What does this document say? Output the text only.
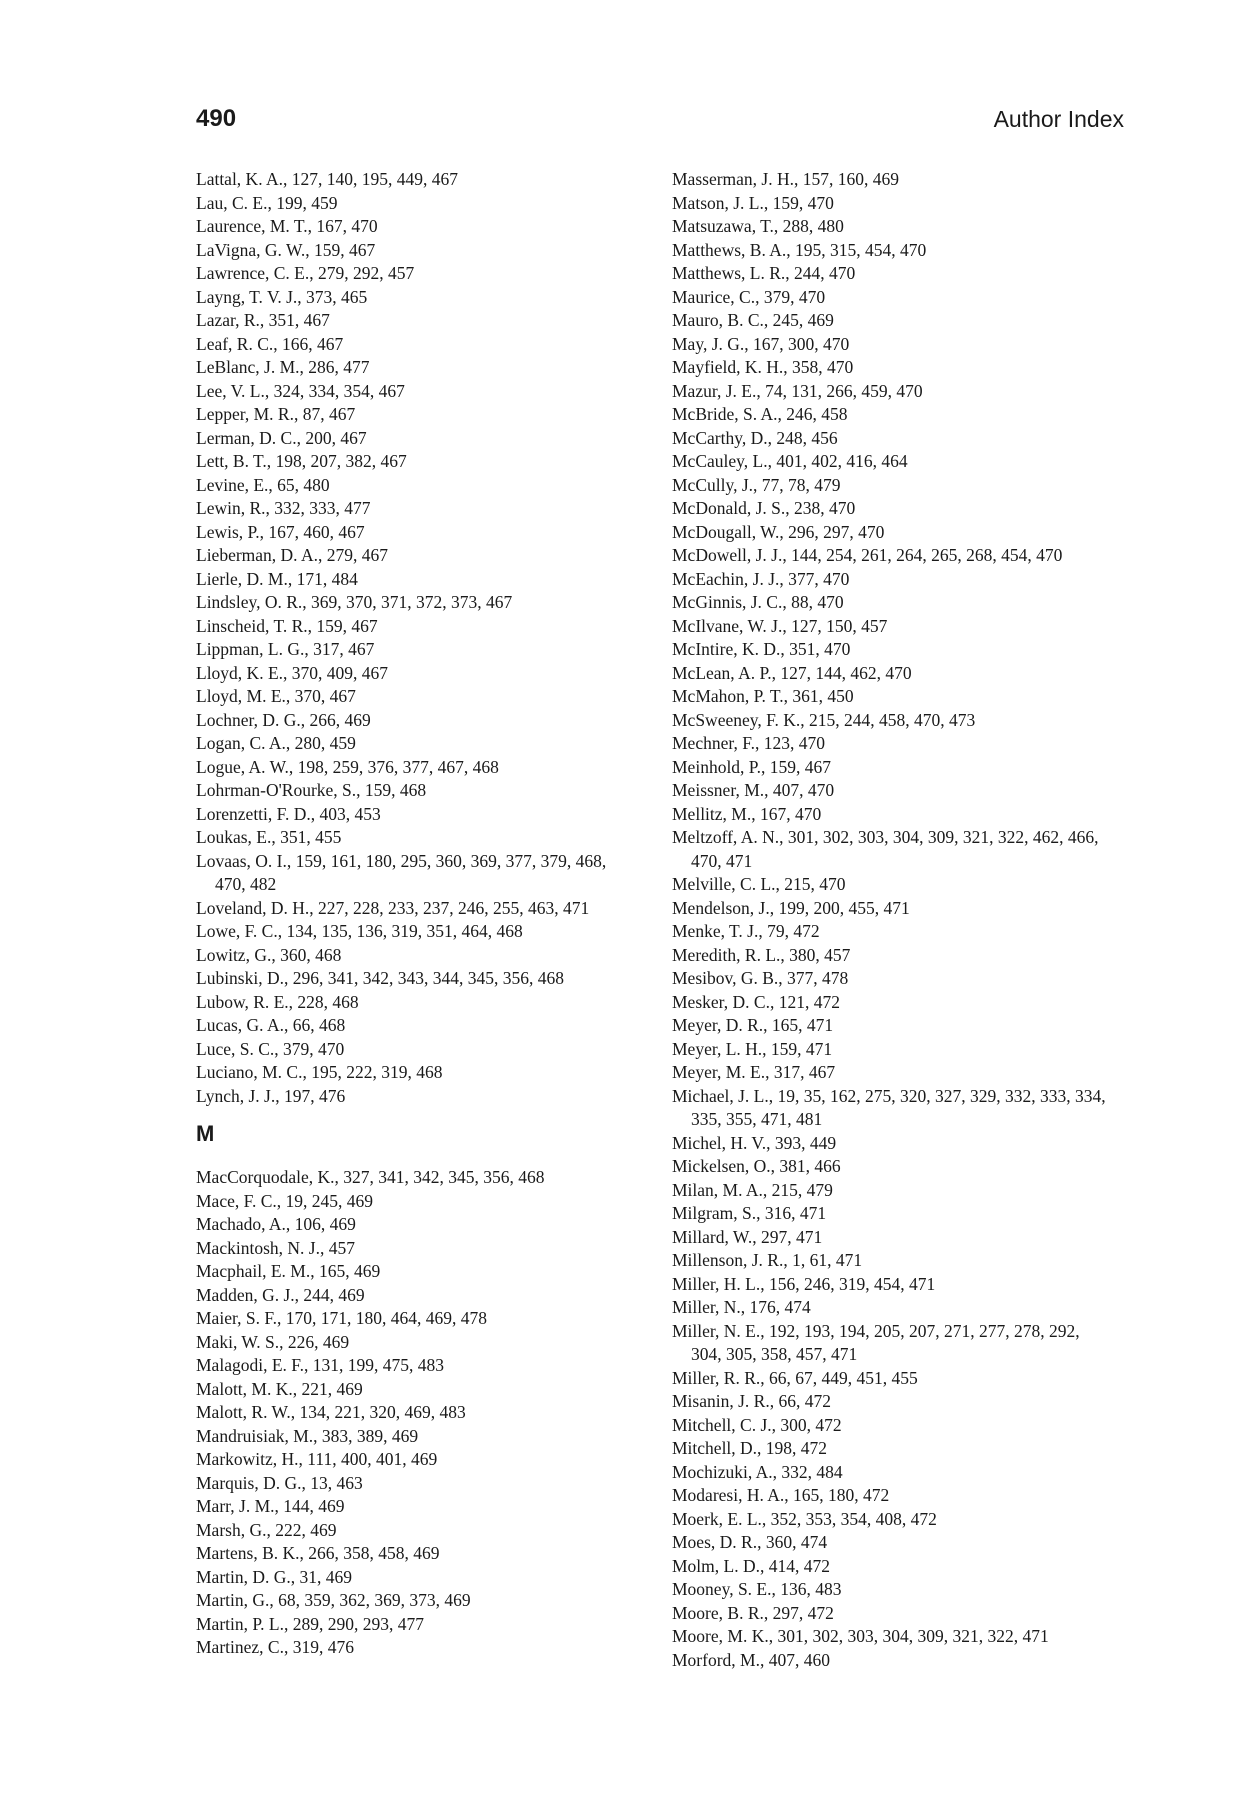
490	Author Index
Lattal, K. A., 127, 140, 195, 449, 467
Lau, C. E., 199, 459
Laurence, M. T., 167, 470
LaVigna, G. W., 159, 467
Lawrence, C. E., 279, 292, 457
Layng, T. V. J., 373, 465
Lazar, R., 351, 467
Leaf, R. C., 166, 467
LeBlanc, J. M., 286, 477
Lee, V. L., 324, 334, 354, 467
Lepper, M. R., 87, 467
Lerman, D. C., 200, 467
Lett, B. T., 198, 207, 382, 467
Levine, E., 65, 480
Lewin, R., 332, 333, 477
Lewis, P., 167, 460, 467
Lieberman, D. A., 279, 467
Lierle, D. M., 171, 484
Lindsley, O. R., 369, 370, 371, 372, 373, 467
Linscheid, T. R., 159, 467
Lippman, L. G., 317, 467
Lloyd, K. E., 370, 409, 467
Lloyd, M. E., 370, 467
Lochner, D. G., 266, 469
Logan, C. A., 280, 459
Logue, A. W., 198, 259, 376, 377, 467, 468
Lohrman-O'Rourke, S., 159, 468
Lorenzetti, F. D., 403, 453
Loukas, E., 351, 455
Lovaas, O. I., 159, 161, 180, 295, 360, 369, 377, 379, 468, 470, 482
Loveland, D. H., 227, 228, 233, 237, 246, 255, 463, 471
Lowe, F. C., 134, 135, 136, 319, 351, 464, 468
Lowitz, G., 360, 468
Lubinski, D., 296, 341, 342, 343, 344, 345, 356, 468
Lubow, R. E., 228, 468
Lucas, G. A., 66, 468
Luce, S. C., 379, 470
Luciano, M. C., 195, 222, 319, 468
Lynch, J. J., 197, 476
M
MacCorquodale, K., 327, 341, 342, 345, 356, 468
Mace, F. C., 19, 245, 469
Machado, A., 106, 469
Mackintosh, N. J., 457
Macphail, E. M., 165, 469
Madden, G. J., 244, 469
Maier, S. F., 170, 171, 180, 464, 469, 478
Maki, W. S., 226, 469
Malagodi, E. F., 131, 199, 475, 483
Malott, M. K., 221, 469
Malott, R. W., 134, 221, 320, 469, 483
Mandruisiak, M., 383, 389, 469
Markowitz, H., 111, 400, 401, 469
Marquis, D. G., 13, 463
Marr, J. M., 144, 469
Marsh, G., 222, 469
Martens, B. K., 266, 358, 458, 469
Martin, D. G., 31, 469
Martin, G., 68, 359, 362, 369, 373, 469
Martin, P. L., 289, 290, 293, 477
Martinez, C., 319, 476
Masserman, J. H., 157, 160, 469
Matson, J. L., 159, 470
Matsuzawa, T., 288, 480
Matthews, B. A., 195, 315, 454, 470
Matthews, L. R., 244, 470
Maurice, C., 379, 470
Mauro, B. C., 245, 469
May, J. G., 167, 300, 470
Mayfield, K. H., 358, 470
Mazur, J. E., 74, 131, 266, 459, 470
McBride, S. A., 246, 458
McCarthy, D., 248, 456
McCauley, L., 401, 402, 416, 464
McCully, J., 77, 78, 479
McDonald, J. S., 238, 470
McDougall, W., 296, 297, 470
McDowell, J. J., 144, 254, 261, 264, 265, 268, 454, 470
McEachin, J. J., 377, 470
McGinnis, J. C., 88, 470
McIlvane, W. J., 127, 150, 457
McIntire, K. D., 351, 470
McLean, A. P., 127, 144, 462, 470
McMahon, P. T., 361, 450
McSweeney, F. K., 215, 244, 458, 470, 473
Mechner, F., 123, 470
Meinhold, P., 159, 467
Meissner, M., 407, 470
Mellitz, M., 167, 470
Meltzoff, A. N., 301, 302, 303, 304, 309, 321, 322, 462, 466, 470, 471
Melville, C. L., 215, 470
Mendelson, J., 199, 200, 455, 471
Menke, T. J., 79, 472
Meredith, R. L., 380, 457
Mesibov, G. B., 377, 478
Mesker, D. C., 121, 472
Meyer, D. R., 165, 471
Meyer, L. H., 159, 471
Meyer, M. E., 317, 467
Michael, J. L., 19, 35, 162, 275, 320, 327, 329, 332, 333, 334, 335, 355, 471, 481
Michel, H. V., 393, 449
Mickelsen, O., 381, 466
Milan, M. A., 215, 479
Milgram, S., 316, 471
Millard, W., 297, 471
Millenson, J. R., 1, 61, 471
Miller, H. L., 156, 246, 319, 454, 471
Miller, N., 176, 474
Miller, N. E., 192, 193, 194, 205, 207, 271, 277, 278, 292, 304, 305, 358, 457, 471
Miller, R. R., 66, 67, 449, 451, 455
Misanin, J. R., 66, 472
Mitchell, C. J., 300, 472
Mitchell, D., 198, 472
Mochizuki, A., 332, 484
Modaresi, H. A., 165, 180, 472
Moerk, E. L., 352, 353, 354, 408, 472
Moes, D. R., 360, 474
Molm, L. D., 414, 472
Mooney, S. E., 136, 483
Moore, B. R., 297, 472
Moore, M. K., 301, 302, 303, 304, 309, 321, 322, 471
Morford, M., 407, 460
